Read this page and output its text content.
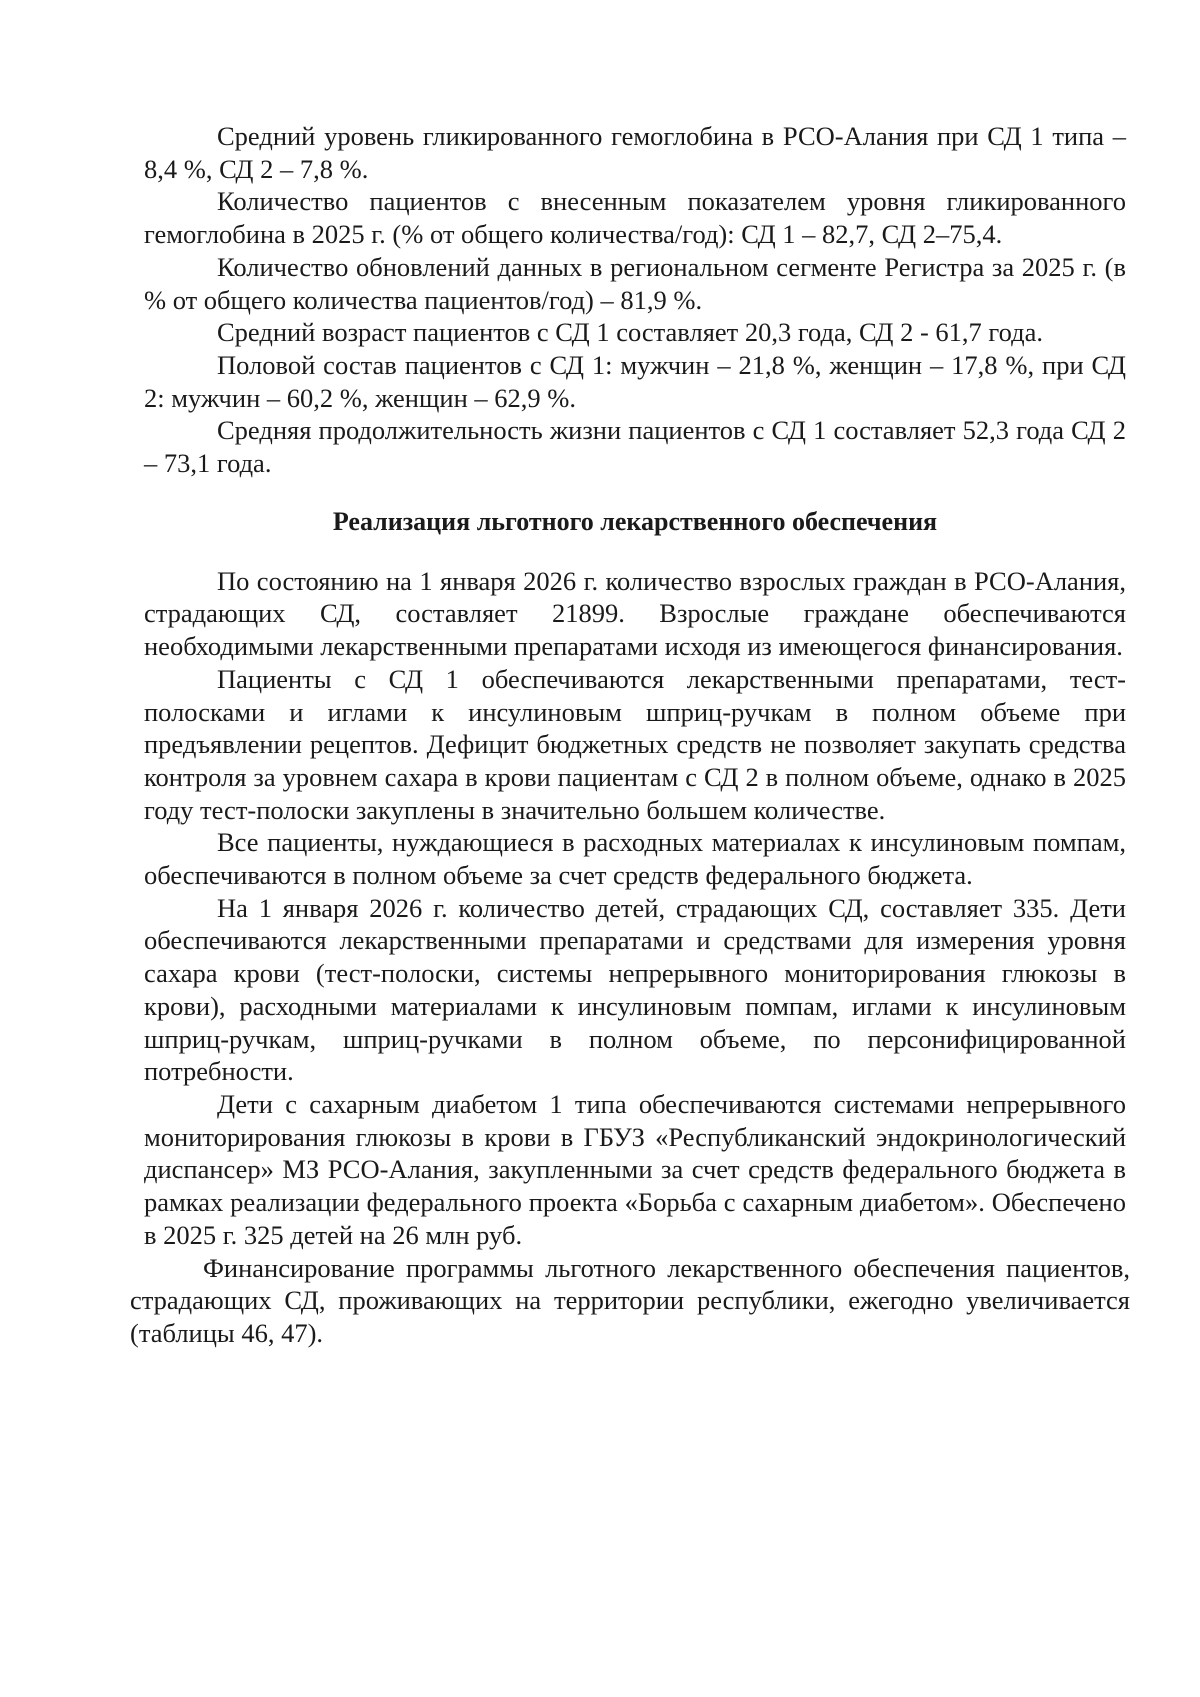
Средний уровень гликированного гемоглобина в РСО-Алания при СД 1 типа – 8,4 %, СД 2 – 7,8 %.

Количество пациентов с внесенным показателем уровня гликированного гемоглобина в 2025 г. (% от общего количества/год): СД 1 – 82,7, СД 2–75,4.

Количество обновлений данных в региональном сегменте Регистра за 2025 г. (в % от общего количества пациентов/год) – 81,9 %.

Средний возраст пациентов с СД 1 составляет 20,3 года, СД 2 - 61,7 года.

Половой состав пациентов с СД 1: мужчин – 21,8 %, женщин – 17,8 %, при СД 2: мужчин – 60,2 %, женщин – 62,9 %.

Средняя продолжительность жизни пациентов с СД 1 составляет 52,3 года СД 2 – 73,1 года.

Реализация льготного лекарственного обеспечения

По состоянию на 1 января 2026 г. количество взрослых граждан в РСО-Алания, страдающих СД, составляет 21899. Взрослые граждане обеспечиваются необходимыми лекарственными препаратами исходя из имеющегося финансирования.

Пациенты с СД 1 обеспечиваются лекарственными препаратами, тест-полосками и иглами к инсулиновым шприц-ручкам в полном объеме при предъявлении рецептов. Дефицит бюджетных средств не позволяет закупать средства контроля за уровнем сахара в крови пациентам с СД 2 в полном объеме, однако в 2025 году тест-полоски закуплены в значительно большем количестве.

Все пациенты, нуждающиеся в расходных материалах к инсулиновым помпам, обеспечиваются в полном объеме за счет средств федерального бюджета.

На 1 января 2026 г. количество детей, страдающих СД, составляет 335. Дети обеспечиваются лекарственными препаратами и средствами для измерения уровня сахара крови (тест-полоски, системы непрерывного мониторирования глюкозы в крови), расходными материалами к инсулиновым помпам, иглами к инсулиновым шприц-ручкам, шприц-ручками в полном объеме, по персонифицированной потребности.

Дети с сахарным диабетом 1 типа обеспечиваются системами непрерывного мониторирования глюкозы в крови в ГБУЗ «Республиканский эндокринологический диспансер» МЗ РСО-Алания, закупленными за счет средств федерального бюджета в рамках реализации федерального проекта «Борьба с сахарным диабетом». Обеспечено в 2025 г. 325 детей на 26 млн руб.

Финансирование программы льготного лекарственного обеспечения пациентов, страдающих СД, проживающих на территории республики, ежегодно увеличивается (таблицы 46, 47).
